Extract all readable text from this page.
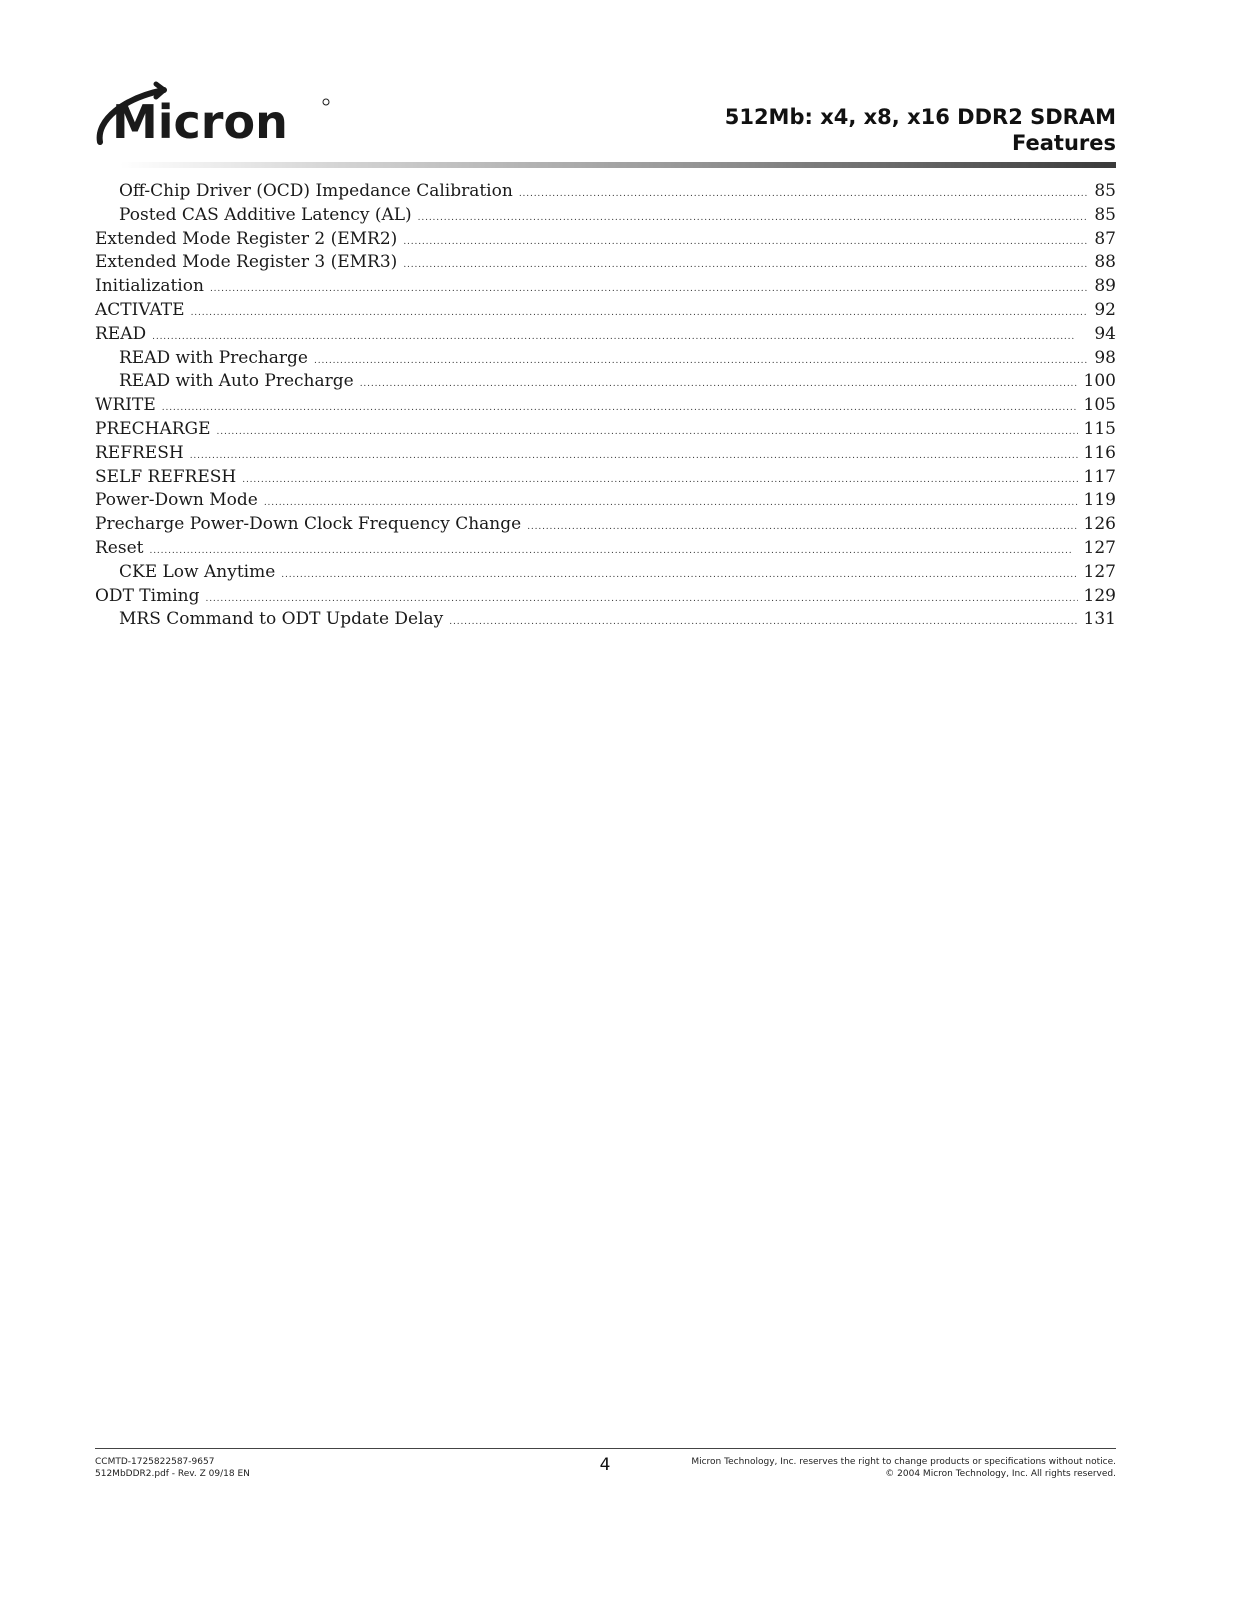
Micron	512Mb: x4, x8, x16 DDR2 SDRAM
Features
Off-Chip Driver (OCD) Impedance Calibration . . .	85
Posted CAS Additive Latency (AL) . . .	85
Extended Mode Register 2 (EMR2) . . .	87
Extended Mode Register 3 (EMR3) . . .	88
Initialization . . .	89
ACTIVATE . . .	92
READ . . .	94
READ with Precharge . . .	98
READ with Auto Precharge . . .	100
WRITE . . .	105
PRECHARGE . . .	115
REFRESH . . .	116
SELF REFRESH . . .	117
Power-Down Mode . . .	119
Precharge Power-Down Clock Frequency Change . . .	126
Reset . . .	127
CKE Low Anytime . . .	127
ODT Timing . . .	129
MRS Command to ODT Update Delay . . .	131
CCMTD-1725822587-9657
512MbDDR2.pdf - Rev. Z 09/18 EN	4	Micron Technology, Inc. reserves the right to change products or specifications without notice.
© 2004 Micron Technology, Inc. All rights reserved.
